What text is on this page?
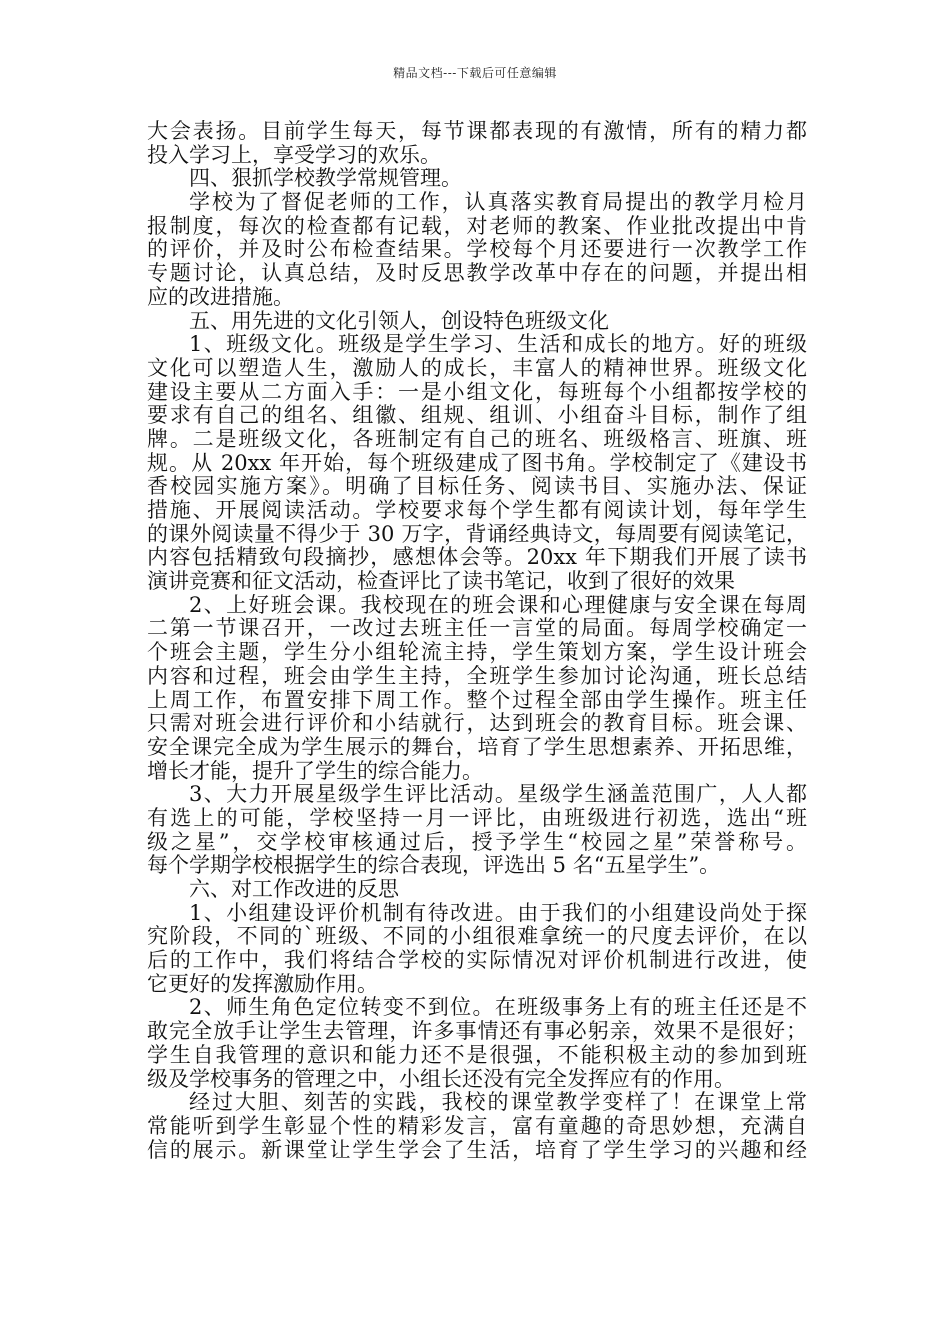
精品文档---下载后可任意编辑
大会表扬。目前学生每天，每节课都表现的有激情，所有的精力都
投入学习上，享受学习的欢乐。
四、狠抓学校教学常规管理。
学校为了督促老师的工作，认真落实教育局提出的教学月检月
报制度，每次的检查都有记载，对老师的教案、作业批改提出中肯
的评价，并及时公布检查结果。学校每个月还要进行一次教学工作
专题讨论，认真总结，及时反思教学改革中存在的问题，并提出相
应的改进措施。
五、用先进的文化引领人，创设特色班级文化
1、班级文化。班级是学生学习、生活和成长的地方。好的班级
文化可以塑造人生，激励人的成长，丰富人的精神世界。班级文化
建设主要从二方面入手：一是小组文化，每班每个小组都按学校的
要求有自己的组名、组徽、组规、组训、小组奋斗目标，制作了组
牌。二是班级文化，各班制定有自己的班名、班级格言、班旗、班
规。从 20xx 年开始，每个班级建成了图书角。学校制定了《建设书
香校园实施方案》。明确了目标任务、阅读书目、实施办法、保证
措施、开展阅读活动。学校要求每个学生都有阅读计划，每年学生
的课外阅读量不得少于 30 万字，背诵经典诗文，每周要有阅读笔记，
内容包括精致句段摘抄，感想体会等。20xx 年下期我们开展了读书
演讲竞赛和征文活动，检查评比了读书笔记，收到了很好的效果
2、上好班会课。我校现在的班会课和心理健康与安全课在每周
二第一节课召开，一改过去班主任一言堂的局面。每周学校确定一
个班会主题，学生分小组轮流主持，学生策划方案，学生设计班会
内容和过程，班会由学生主持，全班学生参加讨论沟通，班长总结
上周工作，布置安排下周工作。整个过程全部由学生操作。班主任
只需对班会进行评价和小结就行，达到班会的教育目标。班会课、
安全课完全成为学生展示的舞台，培育了学生思想素养、开拓思维，
增长才能，提升了学生的综合能力。
3、大力开展星级学生评比活动。星级学生涵盖范围广，人人都
有选上的可能，学校坚持一月一评比，由班级进行初选，选出“班
级之星”，交学校审核通过后，授予学生“校园之星”荣誉称号。
每个学期学校根据学生的综合表现，评选出 5 名“五星学生”。
六、对工作改进的反思
1、小组建设评价机制有待改进。由于我们的小组建设尚处于探
究阶段，不同的`班级、不同的小组很难拿统一的尺度去评价，在以
后的工作中，我们将结合学校的实际情况对评价机制进行改进，使
它更好的发挥激励作用。
2、师生角色定位转变不到位。在班级事务上有的班主任还是不
敢完全放手让学生去管理，许多事情还有事必躬亲，效果不是很好；
学生自我管理的意识和能力还不是很强，不能积极主动的参加到班
级及学校事务的管理之中，小组长还没有完全发挥应有的作用。
经过大胆、刻苦的实践，我校的课堂教学变样了！在课堂上常
常能听到学生彰显个性的精彩发言，富有童趣的奇思妙想，充满自
信的展示。新课堂让学生学会了生活，培育了学生学习的兴趣和经
